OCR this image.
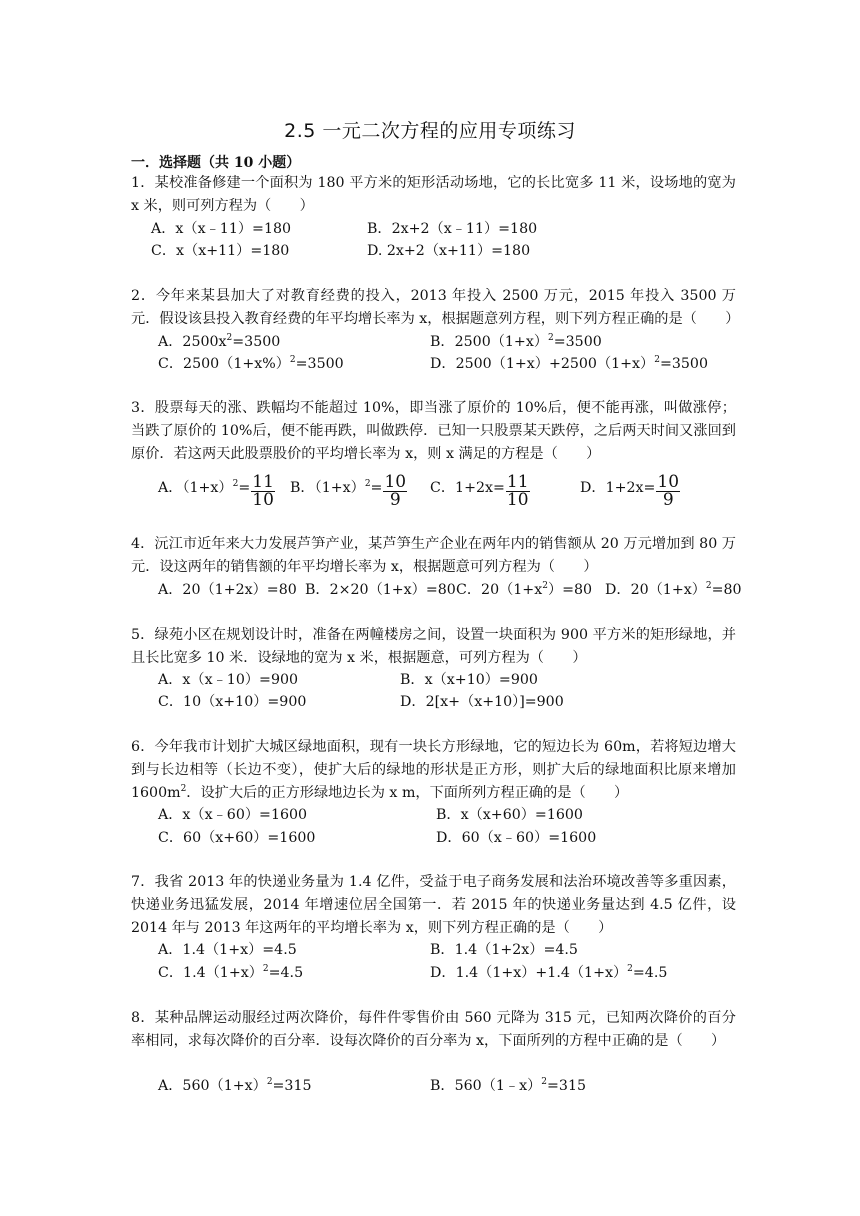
2.5 一元二次方程的应用专项练习
一．选择题（共 10 小题）
1．某校准备修建一个面积为 180 平方米的矩形活动场地，它的长比宽多 11 米，设场地的宽为 x 米，则可列方程为（　　）
A．x（x﹣11）=180	B．2x+2（x﹣11）=180
C．x（x+11）=180	D. 2x+2（x+11）=180
2．今年来某县加大了对教育经费的投入，2013 年投入 2500 万元，2015 年投入 3500 万元．假设该县投入教育经费的年平均增长率为 x，根据题意列方程，则下列方程正确的是（　　）
A．$2500x^2=3500$	B．$2500(1+x)^2=3500$
C．$2500(1+x\%)^2=3500$	D．$2500(1+x)+2500(1+x)^2=3500$
3．股票每天的涨、跌幅均不能超过 10%，即当涨了原价的 10%后，便不能再涨，叫做涨停；当跌了原价的 10%后，便不能再跌，叫做跌停．已知一只股票某天跌停，之后两天时间又涨回到原价．若这两天此股票股价的平均增长率为 x，则 x 满足的方程是（　　）
A．$(1+x)^2= \frac{11}{10}$ B．$(1+x)^2= \frac{10}{9}$ C．$1+2x= \frac{11}{10}$	D．$1+2x= \frac{10}{9}$
4．沅江市近年来大力发展芦笋产业，某芦笋生产企业在两年内的销售额从 20 万元增加到 80 万元．设这两年的销售额的年平均增长率为 x，根据题意可列方程为（　　）
A．20（1+2x）=80 B．2×20（1+x）=80 C．$20(1+x^2)=80$ D．$20(1+x)^2=80$
5．绿苑小区在规划设计时，准备在两幢楼房之间，设置一块面积为 900 平方米的矩形绿地，并且长比宽多 10 米．设绿地的宽为 x 米，根据题意，可列方程为（　　）
A．x（x﹣10）=900	B．x（x+10）=900
C．10（x+10）=900	D．2[x+（x+10）]=900
6．今年我市计划扩大城区绿地面积，现有一块长方形绿地，它的短边长为 60m，若将短边增大到与长边相等（长边不变），使扩大后的绿地的形状是正方形，则扩大后的绿地面积比原来增加 $1600m^2$．设扩大后的正方形绿地边长为 x m，下面所列方程正确的是（　　）
A．x（x﹣60）=1600	B．x（x+60）=1600
C．60（x+60）=1600	D．60（x﹣60）=1600
7．我省 2013 年的快递业务量为 1.4 亿件，受益于电子商务发展和法治环境改善等多重因素，快递业务迅猛发展，2014 年增速位居全国第一．若 2015 年的快递业务量达到 4.5 亿件，设 2014 年与 2013 年这两年的平均增长率为 x，则下列方程正确的是（　　）
A．1.4（1+x）=4.5	B．1.4（1+2x）=4.5
C．$1.4(1+x)^2=4.5$	D．$1.4(1+x)+1.4(1+x)^2=4.5$
8．某种品牌运动服经过两次降价，每件件零售价由 560 元降为 315 元，已知两次降价的百分率相同，求每次降价的百分率．设每次降价的百分率为 x，下面所列的方程中正确的是（　　）
A．$560(1+x)^2=315$	B．560（1﹣x）$^2$=315
